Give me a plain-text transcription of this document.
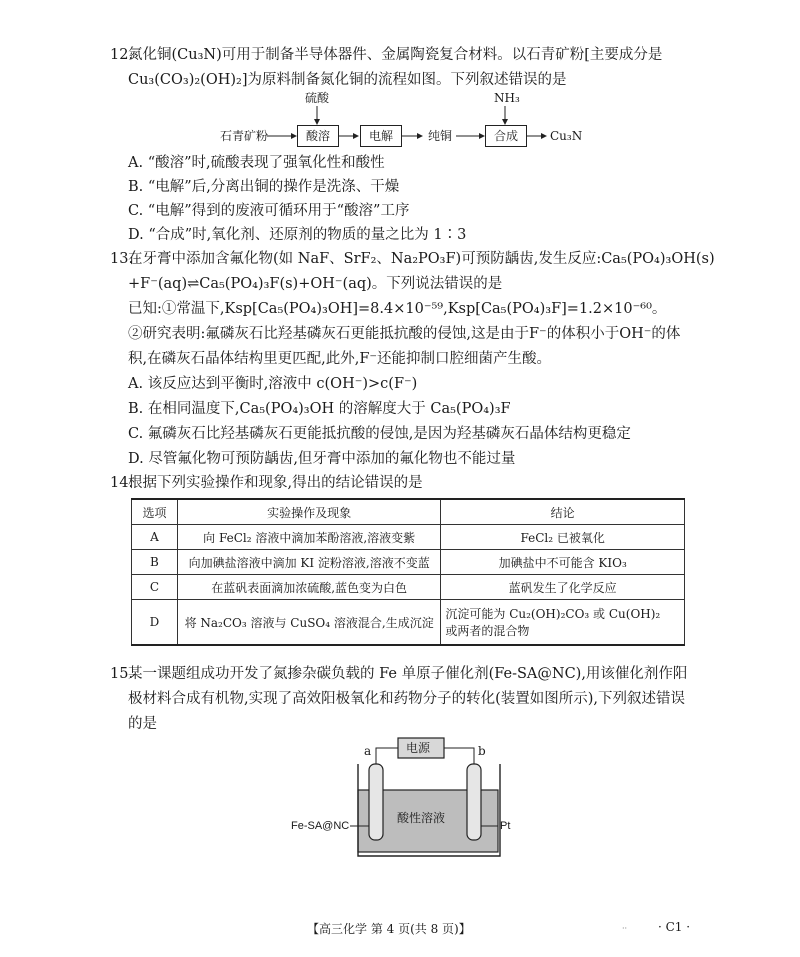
12.
氮化铜(Cu₃N)可用于制备半导体器件、金属陶瓷复合材料。以石青矿粉[主要成分是
Cu₃(CO₃)₂(OH)₂]为原料制备氮化铜的流程如图。下列叙述错误的是
石青矿粉
硫酸
酸溶	电解	纯铜
NH₃
合成	Cu₃N
A. “酸溶”时,硫酸表现了强氧化性和酸性
B. “电解”后,分离出铜的操作是洗涤、干燥
C. “电解”得到的废液可循环用于“酸溶”工序
D. “合成”时,氧化剂、还原剂的物质的量之比为 1∶3
13.
在牙膏中添加含氟化物(如 NaF、SrF₂、Na₂PO₃F)可预防龋齿,发生反应:Ca₅(PO₄)₃OH(s)
+F⁻(aq)⇌Ca₅(PO₄)₃F(s)+OH⁻(aq)。下列说法错误的是
已知:①常温下,Ksp[Ca₅(PO₄)₃OH]=8.4×10⁻⁵⁹,Ksp[Ca₅(PO₄)₃F]=1.2×10⁻⁶⁰。
②研究表明:氟磷灰石比羟基磷灰石更能抵抗酸的侵蚀,这是由于F⁻的体积小于OH⁻的体
积,在磷灰石晶体结构里更匹配,此外,F⁻还能抑制口腔细菌产生酸。
A. 该反应达到平衡时,溶液中 c(OH⁻)>c(F⁻)
B. 在相同温度下,Ca₅(PO₄)₃OH 的溶解度大于 Ca₅(PO₄)₃F
C. 氟磷灰石比羟基磷灰石更能抵抗酸的侵蚀,是因为羟基磷灰石晶体结构更稳定
D. 尽管氟化物可预防龋齿,但牙膏中添加的氟化物也不能过量
14.
根据下列实验操作和现象,得出的结论错误的是
选项	实验操作及现象	结论
A	向 FeCl₂ 溶液中滴加苯酚溶液,溶液变紫	FeCl₂ 已被氧化
B	向加碘盐溶液中滴加 KI 淀粉溶液,溶液不变蓝	加碘盐中不可能含 KIO₃
C	在蓝矾表面滴加浓硫酸,蓝色变为白色	蓝矾发生了化学反应
D	将 Na₂CO₃ 溶液与 CuSO₄ 溶液混合,生成沉淀	沉淀可能为 Cu₂(OH)₂CO₃ 或 Cu(OH)₂
或两者的混合物
15.
某一课题组成功开发了氮掺杂碳负载的 Fe 单原子催化剂(Fe-SA@NC),用该催化剂作阳
极材料合成有机物,实现了高效阳极氧化和药物分子的转化(装置如图所示),下列叙述错误
的是
电源
a	b
酸性溶液
Fe-SA@NC	Pt
【高三化学 第 4 页(共 8 页)】	··	· C1 ·
